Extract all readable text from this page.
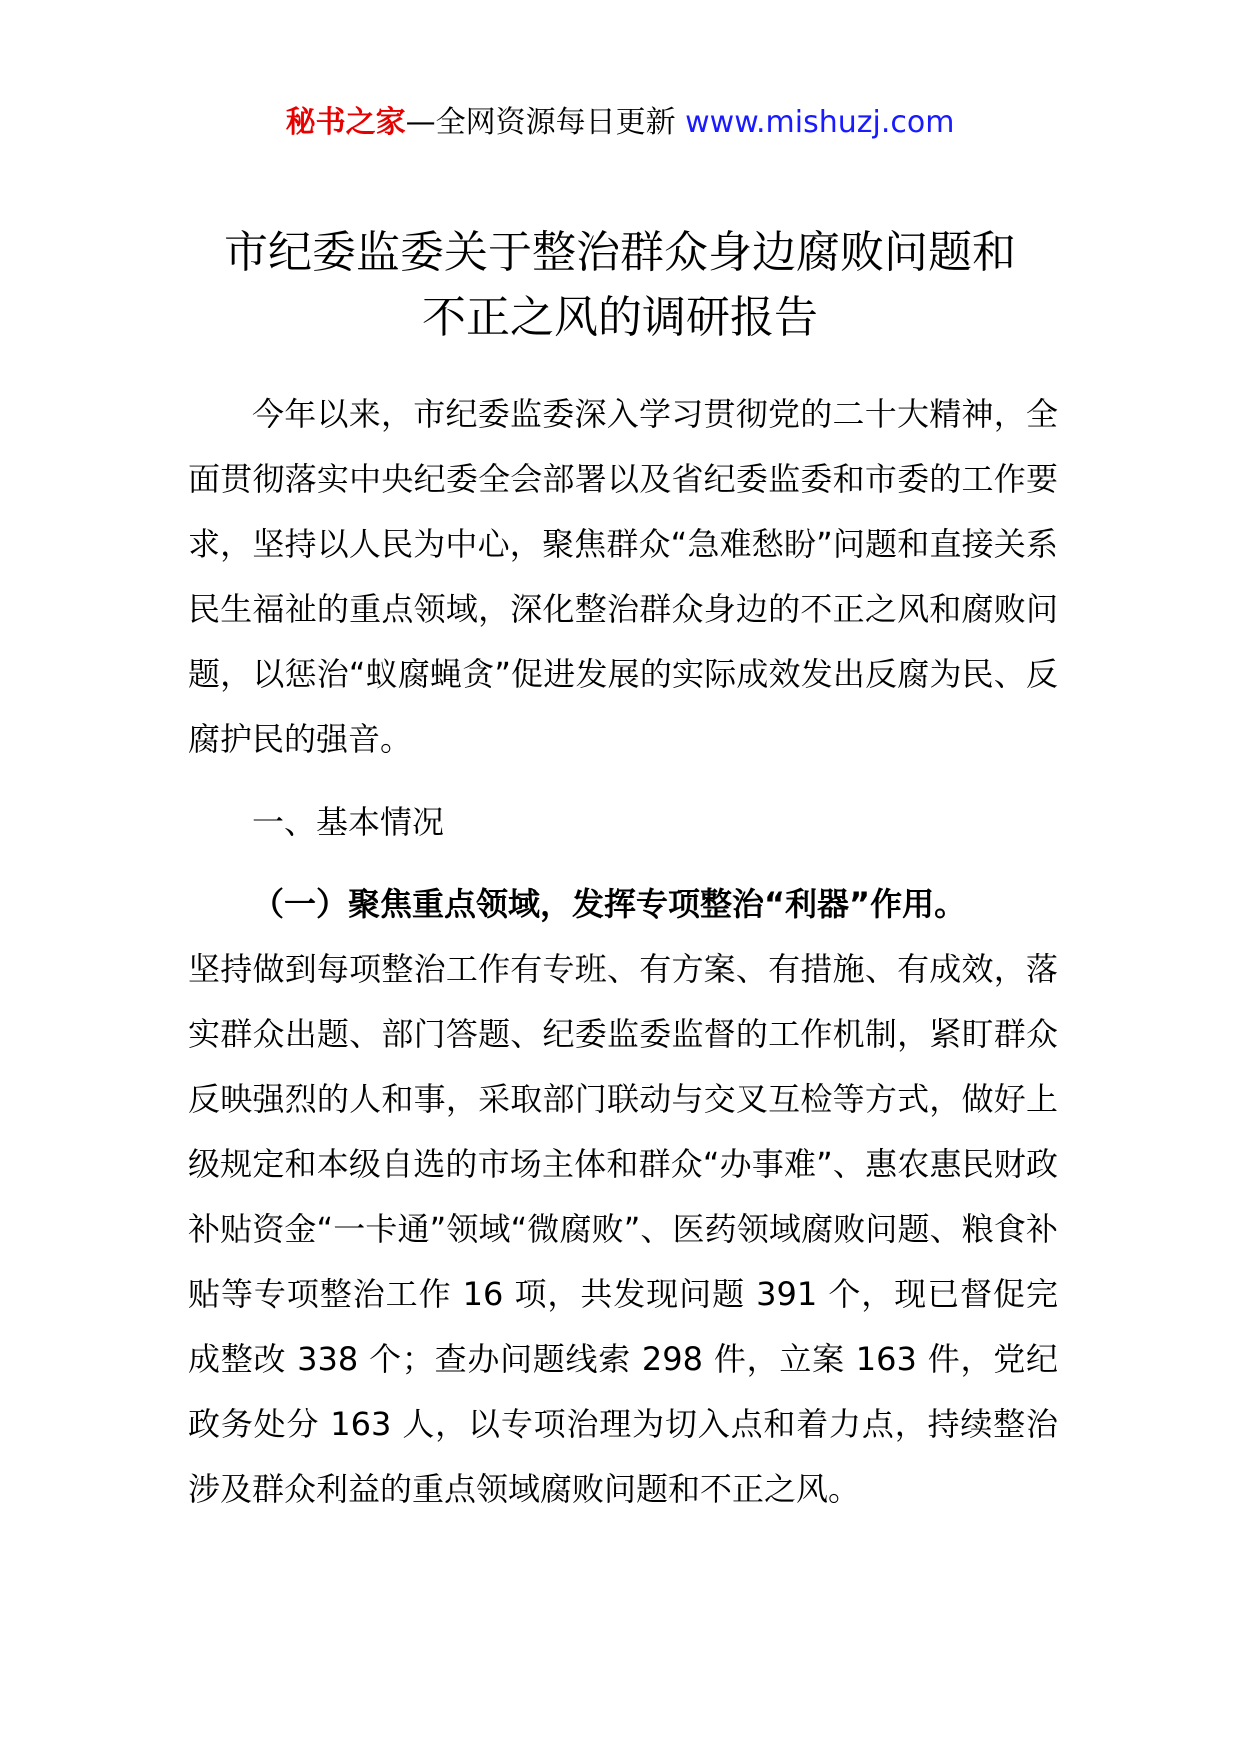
秘书之家—全网资源每日更新 www.mishuzj.com
市纪委监委关于整治群众身边腐败问题和
不正之风的调研报告

今年以来，市纪委监委深入学习贯彻党的二十大精神，全面贯彻落实中央纪委全会部署以及省纪委监委和市委的工作要求，坚持以人民为中心，聚焦群众“急难愁盼”问题和直接关系民生福祉的重点领域，深化整治群众身边的不正之风和腐败问题，以惩治“蚁腐蝇贪”促进发展的实际成效发出反腐为民、反腐护民的强音。

一、基本情况

（一）聚焦重点领域，发挥专项整治“利器”作用。
坚持做到每项整治工作有专班、有方案、有措施、有成效，落实群众出题、部门答题、纪委监委监督的工作机制，紧盯群众反映强烈的人和事，采取部门联动与交叉互检等方式，做好上级规定和本级自选的市场主体和群众“办事难”、惠农惠民财政补贴资金“一卡通”领域“微腐败”、医药领域腐败问题、粮食补贴等专项整治工作 16 项，共发现问题 391 个，现已督促完成整改 338 个；查办问题线索 298 件，立案 163 件，党纪政务处分 163 人，以专项治理为切入点和着力点，持续整治涉及群众利益的重点领域腐败问题和不正之风。
